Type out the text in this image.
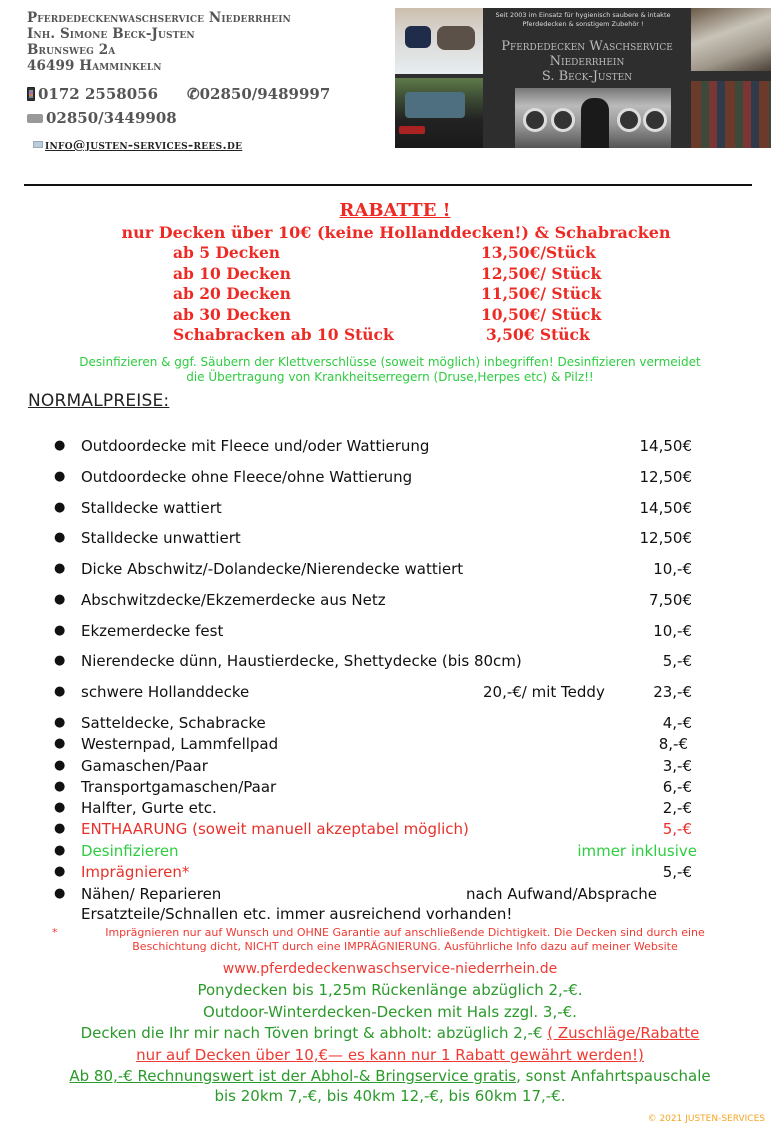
Pferdedeckenwaschservice Niederrhein
Inh. Simone Beck-Justen
Brunsweg 2a
46499 Hamminkeln
0172 2558056 ✆02850/9489997
02850/3449908
info@justen-services-rees.de
Seit 2003 im Einsatz für hygienisch saubere & intakte Pferdedecken & sonstigem Zubehör !
Pferdedecken Waschservice
Niederrhein
S. Beck-Justen
RABATTE !
nur Decken über 10€ (keine Hollanddecken!) & Schabracken
ab 5 Decken	13,50€/Stück
ab 10 Decken	12,50€/ Stück
ab 20 Decken	11,50€/ Stück
ab 30 Decken	10,50€/ Stück
Schabracken ab 10 Stück	3,50€ Stück
Desinfizieren & ggf. Säubern der Klettverschlüsse (soweit möglich) inbegriffen! Desinfizieren vermeidet
die Übertragung von Krankheitserregern (Druse,Herpes etc) & Pilz!!
NORMALPREISE:
● Outdoordecke mit Fleece und/oder Wattierung	14,50€
● Outdoordecke ohne Fleece/ohne Wattierung	12,50€
● Stalldecke wattiert	14,50€
● Stalldecke unwattiert	12,50€
● Dicke Abschwitz/-Dolandecke/Nierendecke wattiert	10,-€
● Abschwitzdecke/Ekzemerdecke aus Netz	7,50€
● Ekzemerdecke fest	10,-€
● Nierendecke dünn, Haustierdecke, Shettydecke (bis 80cm)	5,-€
● schwere Hollanddecke	20,-€/ mit Teddy	23,-€
● Satteldecke, Schabracke	4,-€
● Westernpad, Lammfellpad	8,-€
● Gamaschen/Paar	3,-€
● Transportgamaschen/Paar	6,-€
● Halfter, Gurte etc.	2,-€
● ENTHAARUNG (soweit manuell akzeptabel möglich)	5,-€
● Desinfizieren	immer inklusive
● Imprägnieren*	5,-€
● Nähen/ Reparieren	nach Aufwand/Absprache
Ersatzteile/Schnallen etc. immer ausreichend vorhanden!
*	Imprägnieren nur auf Wunsch und OHNE Garantie auf anschließende Dichtigkeit. Die Decken sind durch eine
Beschichtung dicht, NICHT durch eine IMPRÄGNIERUNG. Ausführliche Info dazu auf meiner Website
www.pferdedeckenwaschservice-niederrhein.de
Ponydecken bis 1,25m Rückenlänge abzüglich 2,-€.
Outdoor-Winterdecken-Decken mit Hals zzgl. 3,-€.
Decken die Ihr mir nach Töven bringt & abholt: abzüglich 2,-€ ( Zuschläge/Rabatte
nur auf Decken über 10,€— es kann nur 1 Rabatt gewährt werden!)
Ab 80,-€ Rechnungswert ist der Abhol-& Bringservice gratis, sonst Anfahrtspauschale
bis 20km 7,-€, bis 40km 12,-€, bis 60km 17,-€.
© 2021 JUSTEN-SERVICES
